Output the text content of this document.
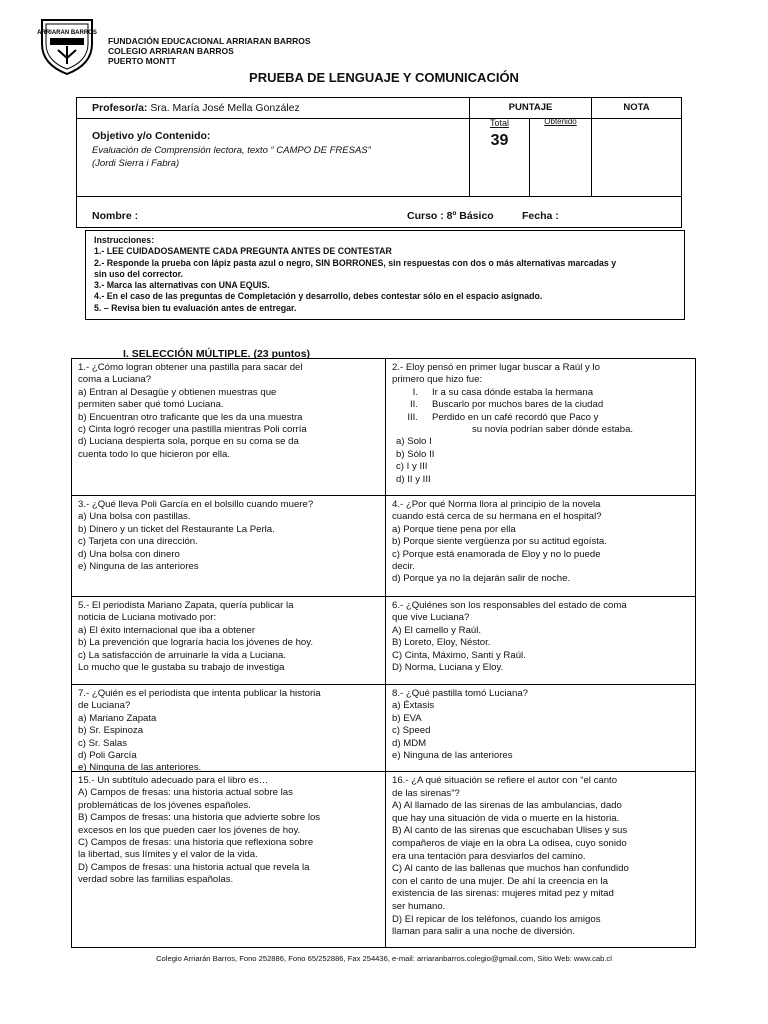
ARRIARAN BARROS
FUNDACIÓN EDUCACIONAL ARRIARAN BARROS
COLEGIO ARRIARAN BARROS
PUERTO MONTT
PRUEBA DE LENGUAJE Y COMUNICACIÓN
Profesor/a: Sra. María José Mella González	PUNTAJE	NOTA
Total	Obtenido
39
Objetivo y/o Contenido:
Evaluación de Comprensión lectora, texto “ CAMPO DE FRESAS”
(Jordi Sierra i Fabra)
Nombre :	Curso : 8º Básico	Fecha :
Instrucciones:
1.- LEE CUIDADOSAMENTE CADA PREGUNTA ANTES DE CONTESTAR
2.- Responde la prueba con lápiz pasta azul o negro, SIN BORRONES, sin respuestas con dos o más alternativas marcadas y
sin uso del corrector.
3.- Marca las alternativas con UNA EQUIS.
4.- En el caso de las preguntas de Completación y desarrollo, debes contestar sólo en el espacio asignado.
5. – Revisa bien tu evaluación antes de entregar.
I. SELECCIÓN MÚLTIPLE. (23 puntos)
1.- ¿Cómo logran obtener una pastilla para sacar del
coma a Luciana?
a) Entran al Desagüe y obtienen muestras que
permiten saber qué tomó Luciana.
b) Encuentran otro traficante que les da una muestra
c) Cinta logró recoger una pastilla mientras Poli corría
d) Luciana despierta sola, porque en su coma se da
cuenta todo lo que hicieron por ella.
2.- Eloy pensó en primer lugar buscar a Raúl y lo
primero que hizo fue:
I. Ir a su casa dónde estaba la hermana
II. Buscarlo por muchos bares de la ciudad
III. Perdido en un café recordó que Paco y
su novia podrían saber dónde estaba.
a) Solo I
b) Sólo II
c) I y III
d) II y III
3.- ¿Qué lleva Poli García en el bolsillo cuando muere?
a) Una bolsa con pastillas.
b) Dinero y un ticket del Restaurante La Perla.
c) Tarjeta con una dirección.
d) Una bolsa con dinero
e) Ninguna de las anteriores
4.- ¿Por qué Norma llora al principio de la novela
cuando está cerca de su hermana en el hospital?
a) Porque tiene pena por ella
b) Porque siente vergüenza por su actitud egoísta.
c) Porque está enamorada de Eloy y no lo puede
decir.
d) Porque ya no la dejarán salir de noche.
5.- El periodista Mariano Zapata, quería publicar la
noticia de Luciana motivado por:
a) El éxito internacional que iba a obtener
b) La prevención que lograría hacia los jóvenes de hoy.
c) La satisfacción de arruinarle la vida a Luciana.
Lo mucho que le gustaba su trabajo de investiga
6.- ¿Quiénes son los responsables del estado de coma
que vive Luciana?
A) El camello y Raúl.
B) Loreto, Eloy, Néstor.
C) Cinta, Máximo, Santi y Raúl.
D) Norma, Luciana y Eloy.
7.- ¿Quién es el periodista que intenta publicar la historia
de Luciana?
a) Mariano Zapata
b) Sr. Espinoza
c) Sr. Salas
d) Poli García
e) Ninguna de las anteriores.
8.- ¿Qué pastilla tomó Luciana?
a) Éxtasis
b) EVA
c) Speed
d) MDM
e) Ninguna de las anteriores
15.- Un subtítulo adecuado para el libro es…
A) Campos de fresas: una historia actual sobre las
problemáticas de los jóvenes españoles.
B) Campos de fresas: una historia que advierte sobre los
excesos en los que pueden caer los jóvenes de hoy.
C) Campos de fresas: una historia que reflexiona sobre
la libertad, sus límites y el valor de la vida.
D) Campos de fresas: una historia actual que revela la
verdad sobre las familias españolas.
16.- ¿A qué situación se refiere el autor con “el canto
de las sirenas”?
A) Al llamado de las sirenas de las ambulancias, dado
que hay una situación de vida o muerte en la historia.
B) Al canto de las sirenas que escuchaban Ulises y sus
compañeros de viaje en la obra La odisea, cuyo sonido
era una tentación para desviarlos del camino.
C) Al canto de las ballenas que muchos han confundido
con el canto de una mujer. De ahí la creencia en la
existencia de las sirenas: mujeres mitad pez y mitad
ser humano.
D) El repicar de los teléfonos, cuando los amigos
llaman para salir a una noche de diversión.
Colegio Arriarán Barros, Fono 252886, Fono 65/252886, Fax 254436, e-mail: arriaranbarros.colegio@gmail.com, Sitio Web: www.cab.cl
